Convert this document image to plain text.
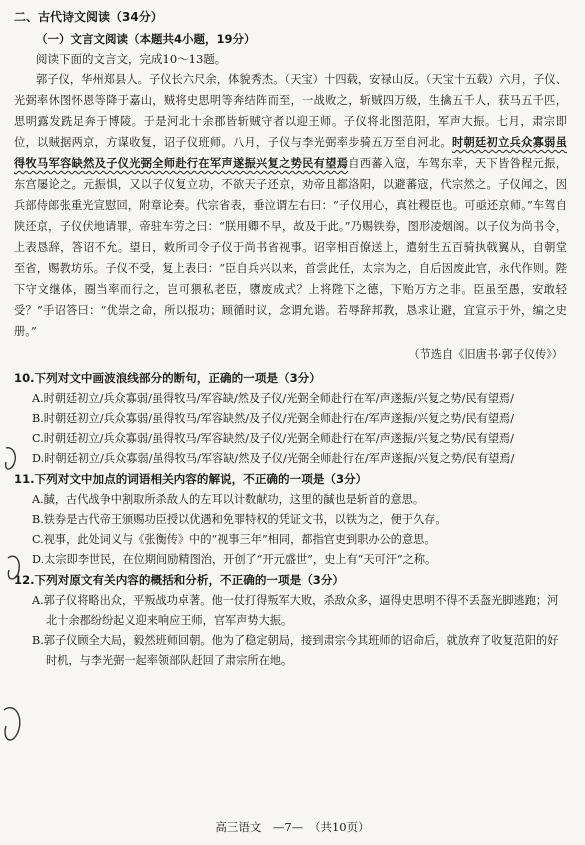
二、古代诗文阅读（34分）
（一）文言文阅读（本题共4小题，19分）
阅读下面的文言文，完成10～13题。

郭子仪，华州郑县人。子仪长六尺余，体貌秀杰。（天宝）十四载，安禄山反。（天宝十五载）六月，子仪、光弼率休图怀恩等降于嘉山，贼将史思明等奔结阵而至，一战败之，斩贼四万级，生擒五千人，获马五千匹，思明露发跣足奔于博陵。于是河北十余郡皆斩贼守者以迎王师。子仪将北图范阳，军声大振。七月，肃宗即位，以贼据两京，方谋收复，诏子仪班师。八月，子仪与李光弼率步骑五万至自河北。时朝廷初立兵众寡弱虽得牧马军容缺然及子仪光弼全师赴行在军声遂振兴复之势民有望焉自西蕃入寇，车驾东幸，天下皆咎程元振，东宫屡论之。元振惧，又以子仪复立功，不欲天子还京，劝帝且都洛阳，以避蕃寇，代宗然之。子仪闻之，因兵部侍郎张重光宣慰回，附章论奏。代宗省表，垂泣谓左右曰：“子仪用心，真社稷臣也。可亟还京师。”车驾自陕还京，子仪伏地请罪，帝驻车劳之曰：“朕用卿不早，故及于此。”乃赐铁券，图形凌烟阁。以子仪为尚书令，上表恳辞，答诏不允。望日，敕所司令子仪于尚书省视事。诏宰相百僚送上，遣射生五百骑执戟翼从，自朝堂至省，赐教坊乐。子仪不受，复上表曰：“臣自兵兴以来，首尝此任，太宗为之，自后因废此官，永代作则。陛下守文继体，圈当率而行之，岂可猥私老臣，隳废成式？上将陛下之德，下贻万方之非。臣虽至愚，安敢轻受？”手诏答曰：“优崇之命，所以报功；顾循时议，念谓允谐。若辱辞邦教，恳求让避，宜宣示于外，编之史册。”

（节选自《旧唐书·郭子仪传》）
10.下列对文中画波浪线部分的断句，正确的一项是（3分）
A.时朝廷初立/兵众寡弱/虽得牧马/军容缺/然及子仪/光弼全师赴行在军/声遂振/兴复之势/民有望焉/
B.时朝廷初立/兵众寡弱/虽得牧马/军容缺然/及子仪/光弼全师赴行在/军声遂振/兴复之势/民有望焉/
C.时朝廷初立/兵众寡弱/虽得牧马/军容缺然/及子仪/光弼全师赴行在军/声遂振/兴复之势/民有望焉/
D.时朝廷初立/兵众寡弱/虽得牧马/军容缺/然及子仪/光弼全师赴行在/军声遂振/兴复之势/民有望焉/
11.下列对文中加点的词语相关内容的解说，不正确的一项是（3分）
A.馘，古代战争中割取所杀敌人的左耳以计数献功，这里的馘也是斩首的意思。
B.铁券是古代帝王颁赐功臣授以优遇和免罪特权的凭证文书，以铁为之，便于久存。
C.视事，此处词义与《张衡传》中的“视事三年”相同，都指官吏到职办公的意思。
D.太宗即李世民，在位期间励精图治，开创了“开元盛世”，史上有“天可汗”之称。
12.下列对原文有关内容的概括和分析，不正确的一项是（3分）
A.郭子仪将略出众，平叛战功卓著。他一仗打得叛军大败，杀敌众多，逼得史思明不得不丢盔光脚逃跑；河北十余郡纷纷起义迎来响应王师，官军声势大振。
B.郭子仪顾全大局，毅然班师回朝。他为了稳定朝局，接到肃宗今其班师的诏命后，就放弃了收复范阳的好时机，与李光弼一起率领部队赶回了肃宗所在地。
高三语文　—7—　（共10页）
